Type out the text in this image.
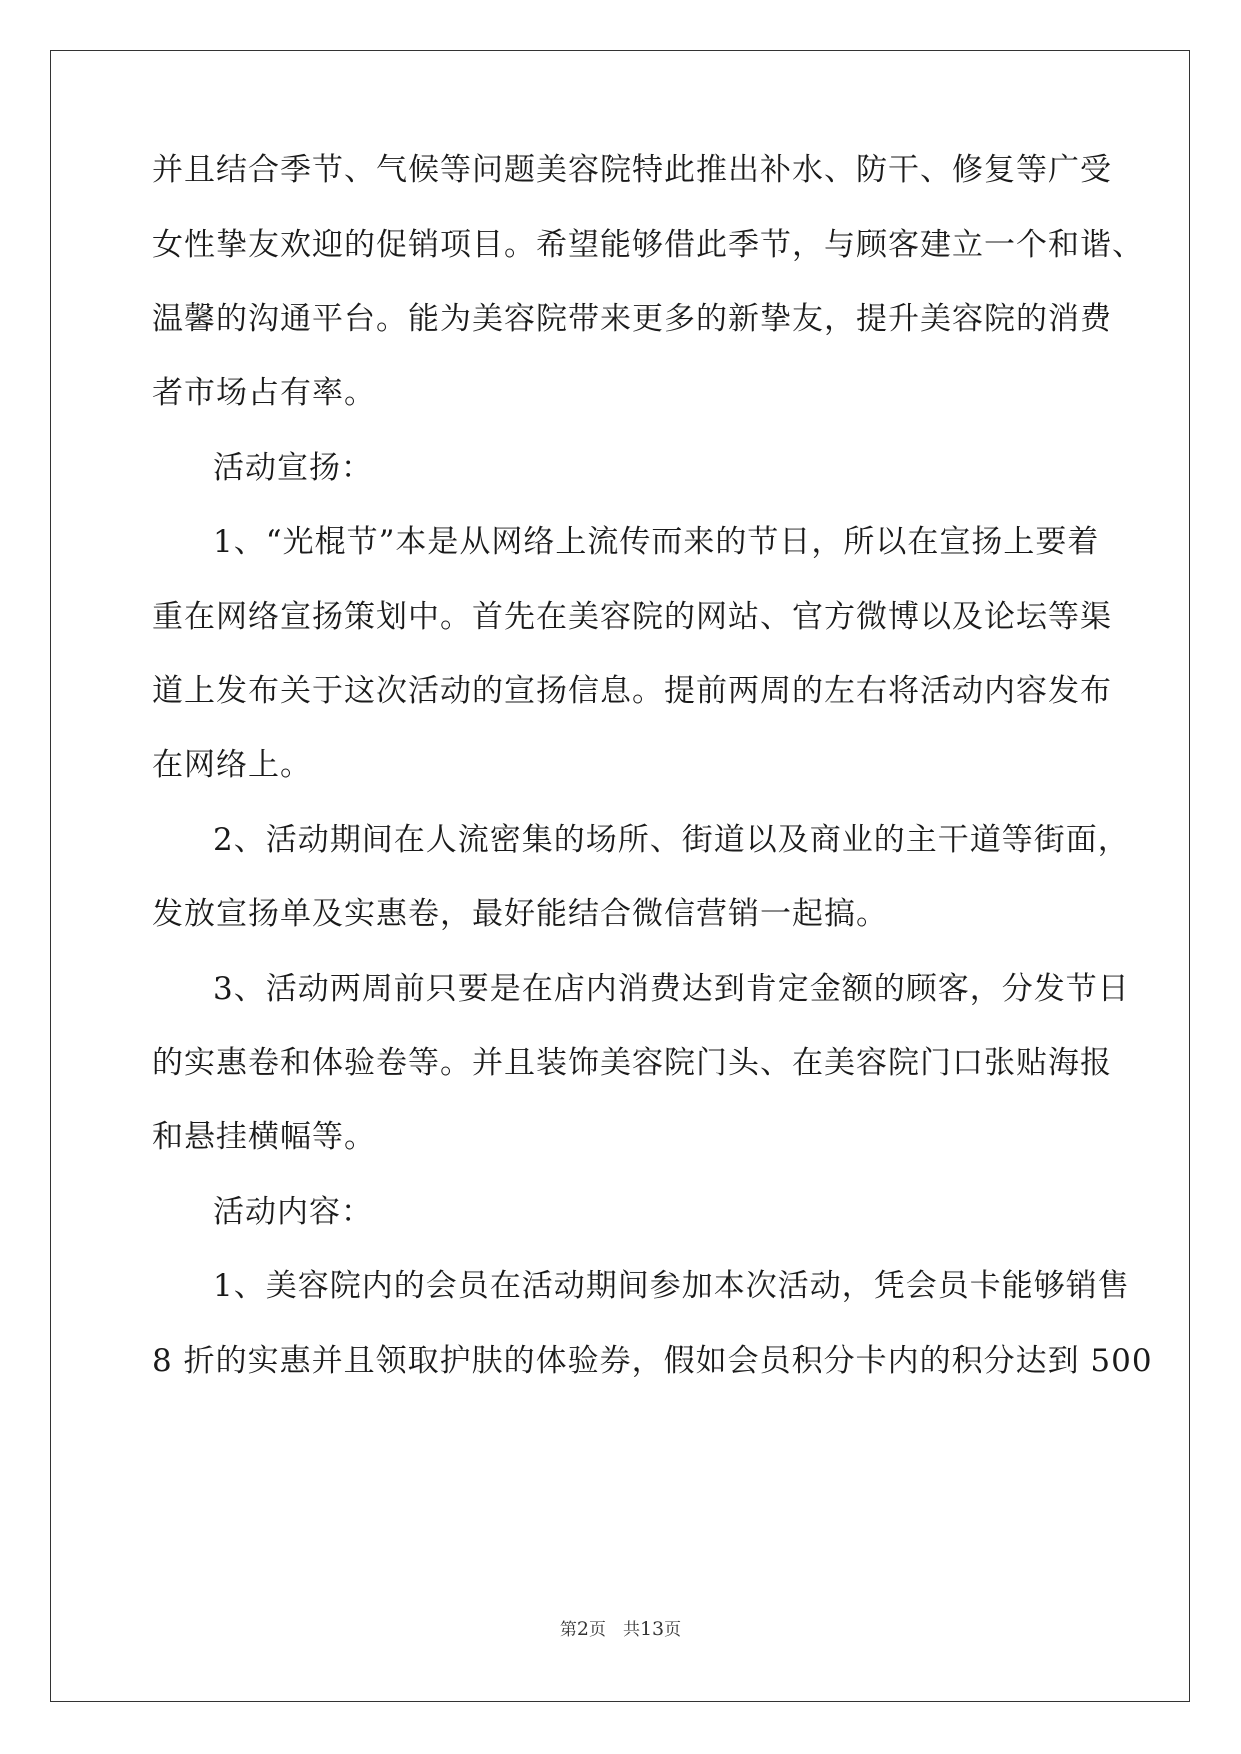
并且结合季节、气候等问题美容院特此推出补水、防干、修复等广受
女性挚友欢迎的促销项目。希望能够借此季节，与顾客建立一个和谐、
温馨的沟通平台。能为美容院带来更多的新挚友，提升美容院的消费
者市场占有率。
活动宣扬：
1、“光棍节”本是从网络上流传而来的节日，所以在宣扬上要着
重在网络宣扬策划中。首先在美容院的网站、官方微博以及论坛等渠
道上发布关于这次活动的宣扬信息。提前两周的左右将活动内容发布
在网络上。
2、活动期间在人流密集的场所、街道以及商业的主干道等街面，
发放宣扬单及实惠卷，最好能结合微信营销一起搞。
3、活动两周前只要是在店内消费达到肯定金额的顾客，分发节日
的实惠卷和体验卷等。并且装饰美容院门头、在美容院门口张贴海报
和悬挂横幅等。
活动内容：
1、美容院内的会员在活动期间参加本次活动，凭会员卡能够销售
8 折的实惠并且领取护肤的体验券，假如会员积分卡内的积分达到 500
第2页　共13页
